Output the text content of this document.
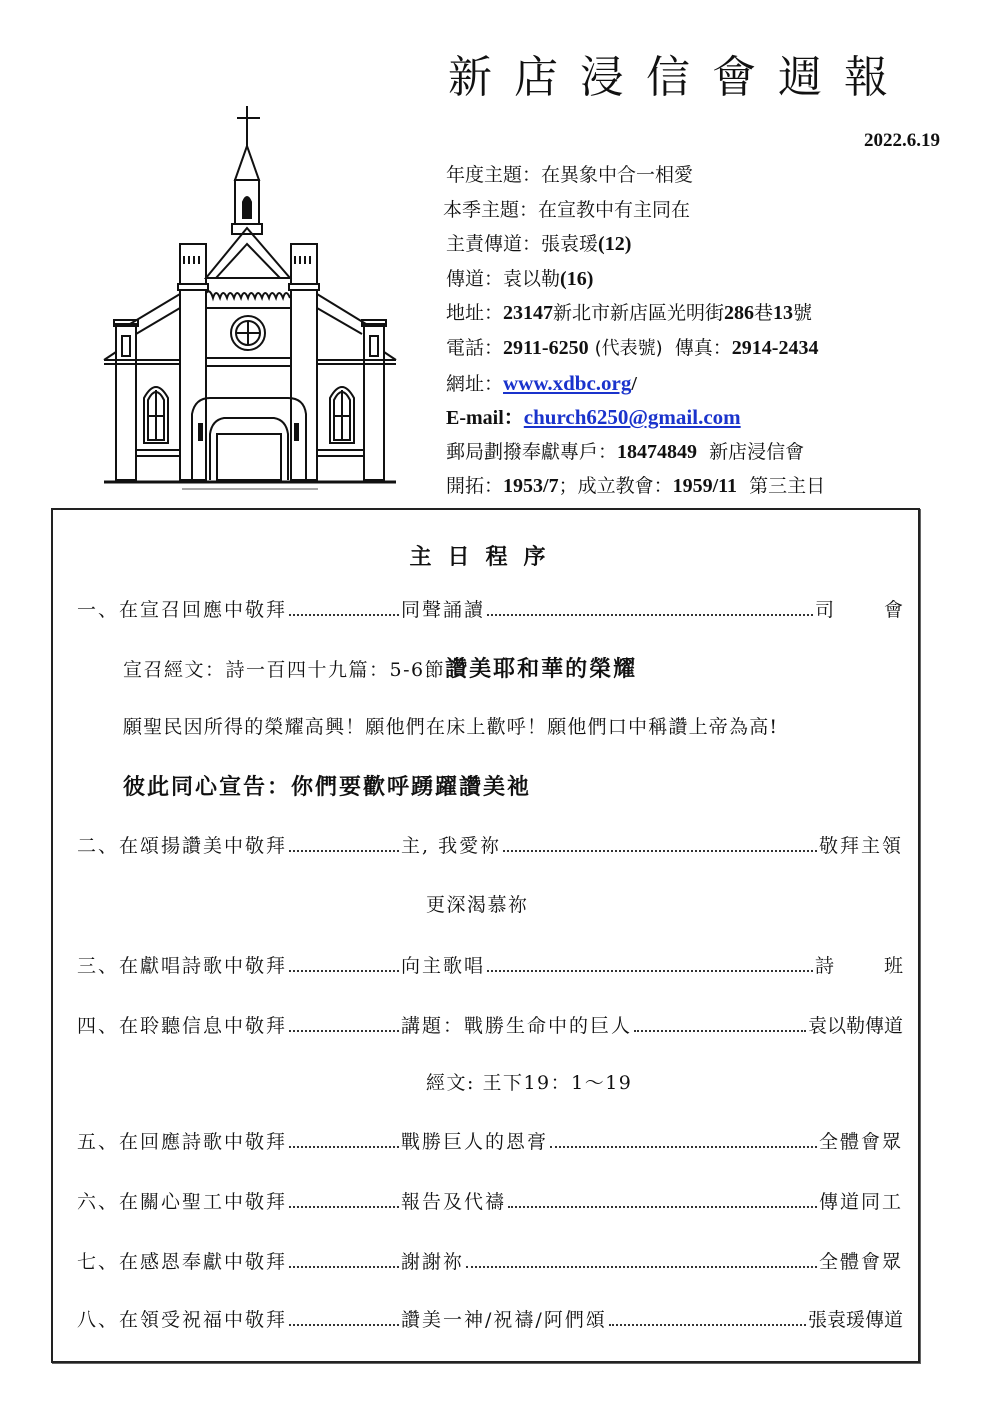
新店浸信會週報
2022.6.19
年度主題：在異象中合一相愛
本季主題：在宣教中有主同在
主責傳道：張袁瑗(12)
傳道：袁以勒(16)
地址：23147新北市新店區光明街286巷13號
電話：2911-6250 (代表號) 傳真：2914-2434
網址：www.xdbc.org/
E-mail：church6250@gmail.com
郵局劃撥奉獻專戶：18474849 新店浸信會
開拓：1953/7；成立教會：1959/11 第三主日
主日程序
一、在宣召回應中敬拜	同聲誦讀	司會
宣召經文：詩一百四十九篇：5-6節讚美耶和華的榮耀
願聖民因所得的榮耀高興！願他們在床上歡呼！願他們口中稱讚上帝為高!
彼此同心宣告：你們要歡呼踴躍讚美祂
二、在頌揚讚美中敬拜	主, 我愛祢	敬拜主領
更深渴慕祢
三、在獻唱詩歌中敬拜	向主歌唱	詩班
四、在聆聽信息中敬拜	講題：戰勝生命中的巨人	袁以勒傳道
經文: 王下19：1～19
五、在回應詩歌中敬拜	戰勝巨人的恩膏	全體會眾
六、在關心聖工中敬拜	報告及代禱	傳道同工
七、在感恩奉獻中敬拜	謝謝祢	全體會眾
八、在領受祝福中敬拜	讚美一神/祝禱/阿們頌	張袁瑗傳道
